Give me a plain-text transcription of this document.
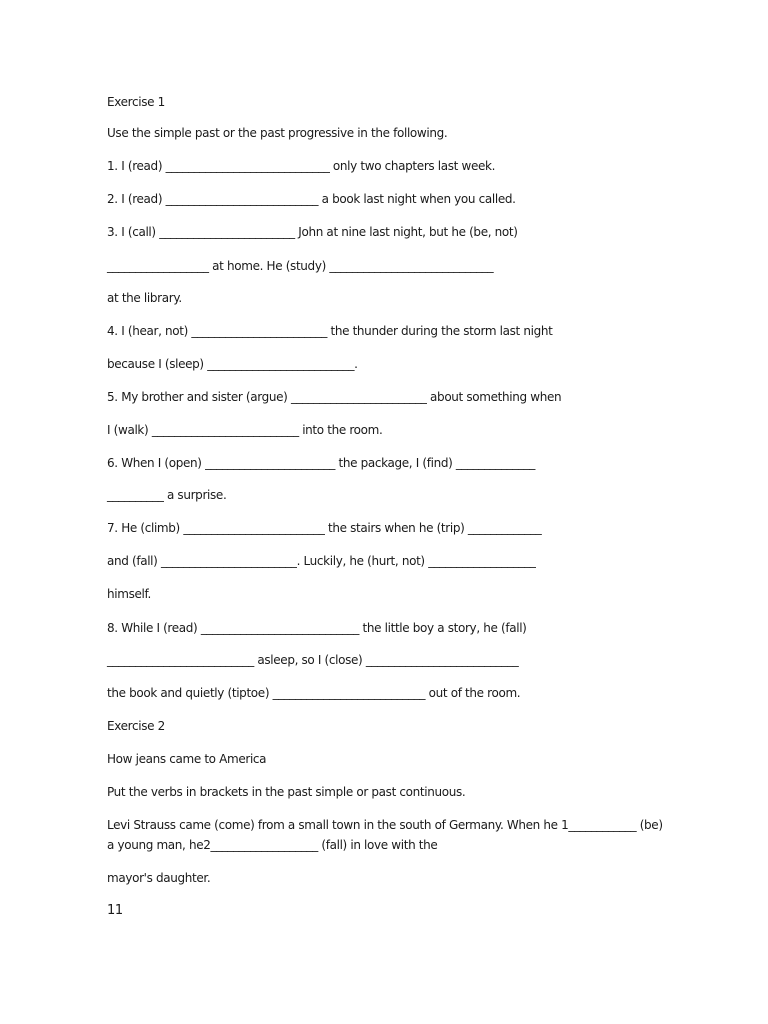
Exercise 1

Use the simple past or the past progressive in the following.

1. I (read) _____________________________ only two chapters last week.

2. I (read) ___________________________ a book last night when you called.

3. I (call) ________________________ John at nine last night, but he (be, not)

__________________ at home. He (study) _____________________________

at the library.

4. I (hear, not) ________________________ the thunder during the storm last night

because I (sleep) __________________________.

5. My brother and sister (argue) ________________________ about something when

I (walk) __________________________ into the room.

6. When I (open) _______________________ the package, I (find) ______________

__________ a surprise.

7. He (climb) _________________________ the stairs when he (trip) _____________

and (fall) ________________________. Luckily, he (hurt, not) ___________________

himself.

8. While I (read) ____________________________ the little boy a story, he (fall)

__________________________ asleep, so I (close) ___________________________

the book and quietly (tiptoe) ___________________________ out of the room.

Exercise 2

How jeans came to America

Put the verbs in brackets in the past simple or past continuous.

Levi Strauss came (come) from a small town in the south of Germany. When he 1____________ (be) a young man, he2___________________ (fall) in love with the

mayor's daughter.

11
